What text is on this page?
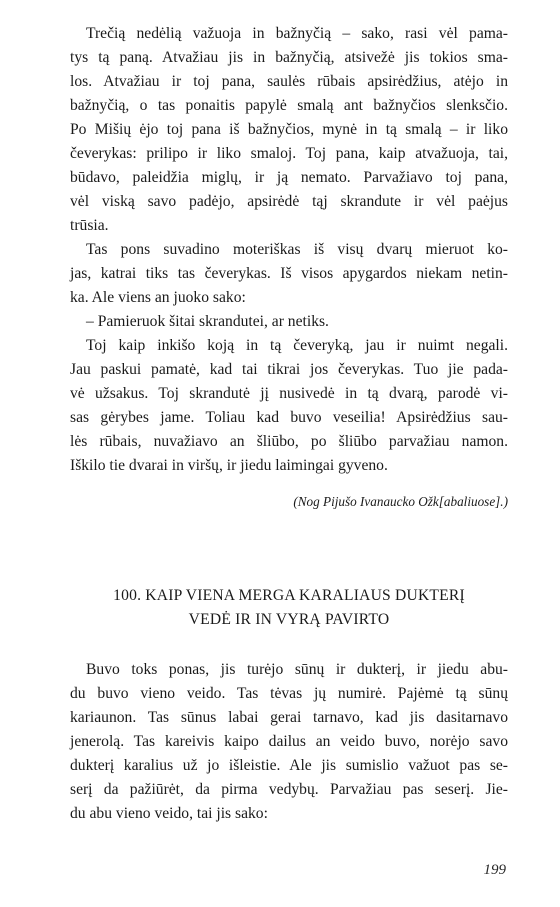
Trečią nedėlią važuoja in bažnyčią – sako, rasi vėl pama-
tys tą paną. Atvažiau jis in bažnyčią, atsivežė jis tokios sma-
los. Atvažiau ir toj pana, saulės rūbais apsirėdžius, atėjo in
bažnyčią, o tas ponaitis papylė smalą ant bažnyčios slenksčio.
Po Mišių ėjo toj pana iš bažnyčios, mynė in tą smalą – ir liko
čeverykas: prilipo ir liko smaloj. Toj pana, kaip atvažuoja, tai,
būdavo, paleidžia miglų, ir ją nemato. Parvažiavo toj pana,
vėl viską savo padėjo, apsirėdė tąj skrandute ir vėl paėjus
trūsia.
Tas pons suvadino moteriškas iš visų dvarų mieruot ko-
jas, katrai tiks tas čeverykas. Iš visos apygardos niekam netin-
ka. Ale viens an juoko sako:
– Pamieruok šitai skrandutei, ar netiks.
Toj kaip inkišo koją in tą čeveryką, jau ir nuimt negali.
Jau paskui pamatė, kad tai tikrai jos čeverykas. Tuo jie pada-
vė užsakus. Toj skrandutė jį nusivedė in tą dvarą, parodė vi-
sas gėrybes jame. Toliau kad buvo veseilia! Apsirėdžius sau-
lės rūbais, nuvažiavo an šliūbo, po šliūbo parvažiau namon.
Iškilo tie dvarai in viršų, ir jiedu laimingai gyveno.
(Nog Pijušo Ivanaucko Ožk[abaliuose].)
100. KAIP VIENA MERGA KARALIAUS DUKTERĮ
VEDĖ IR IN VYRĄ PAVIRTO
Buvo toks ponas, jis turėjo sūnų ir dukterį, ir jiedu abu-
du buvo vieno veido. Tas tėvas jų numirė. Pajėmė tą sūnų
kariaunon. Tas sūnus labai gerai tarnavo, kad jis dasitarnavo
jenerolą. Tas kareivis kaipo dailus an veido buvo, norėjo savo
dukterį karalius už jo išleistie. Ale jis sumislio važuot pas se-
serį da pažiūrėt, da pirma vedybų. Parvažiau pas seserį. Jie-
du abu vieno veido, tai jis sako:
199
